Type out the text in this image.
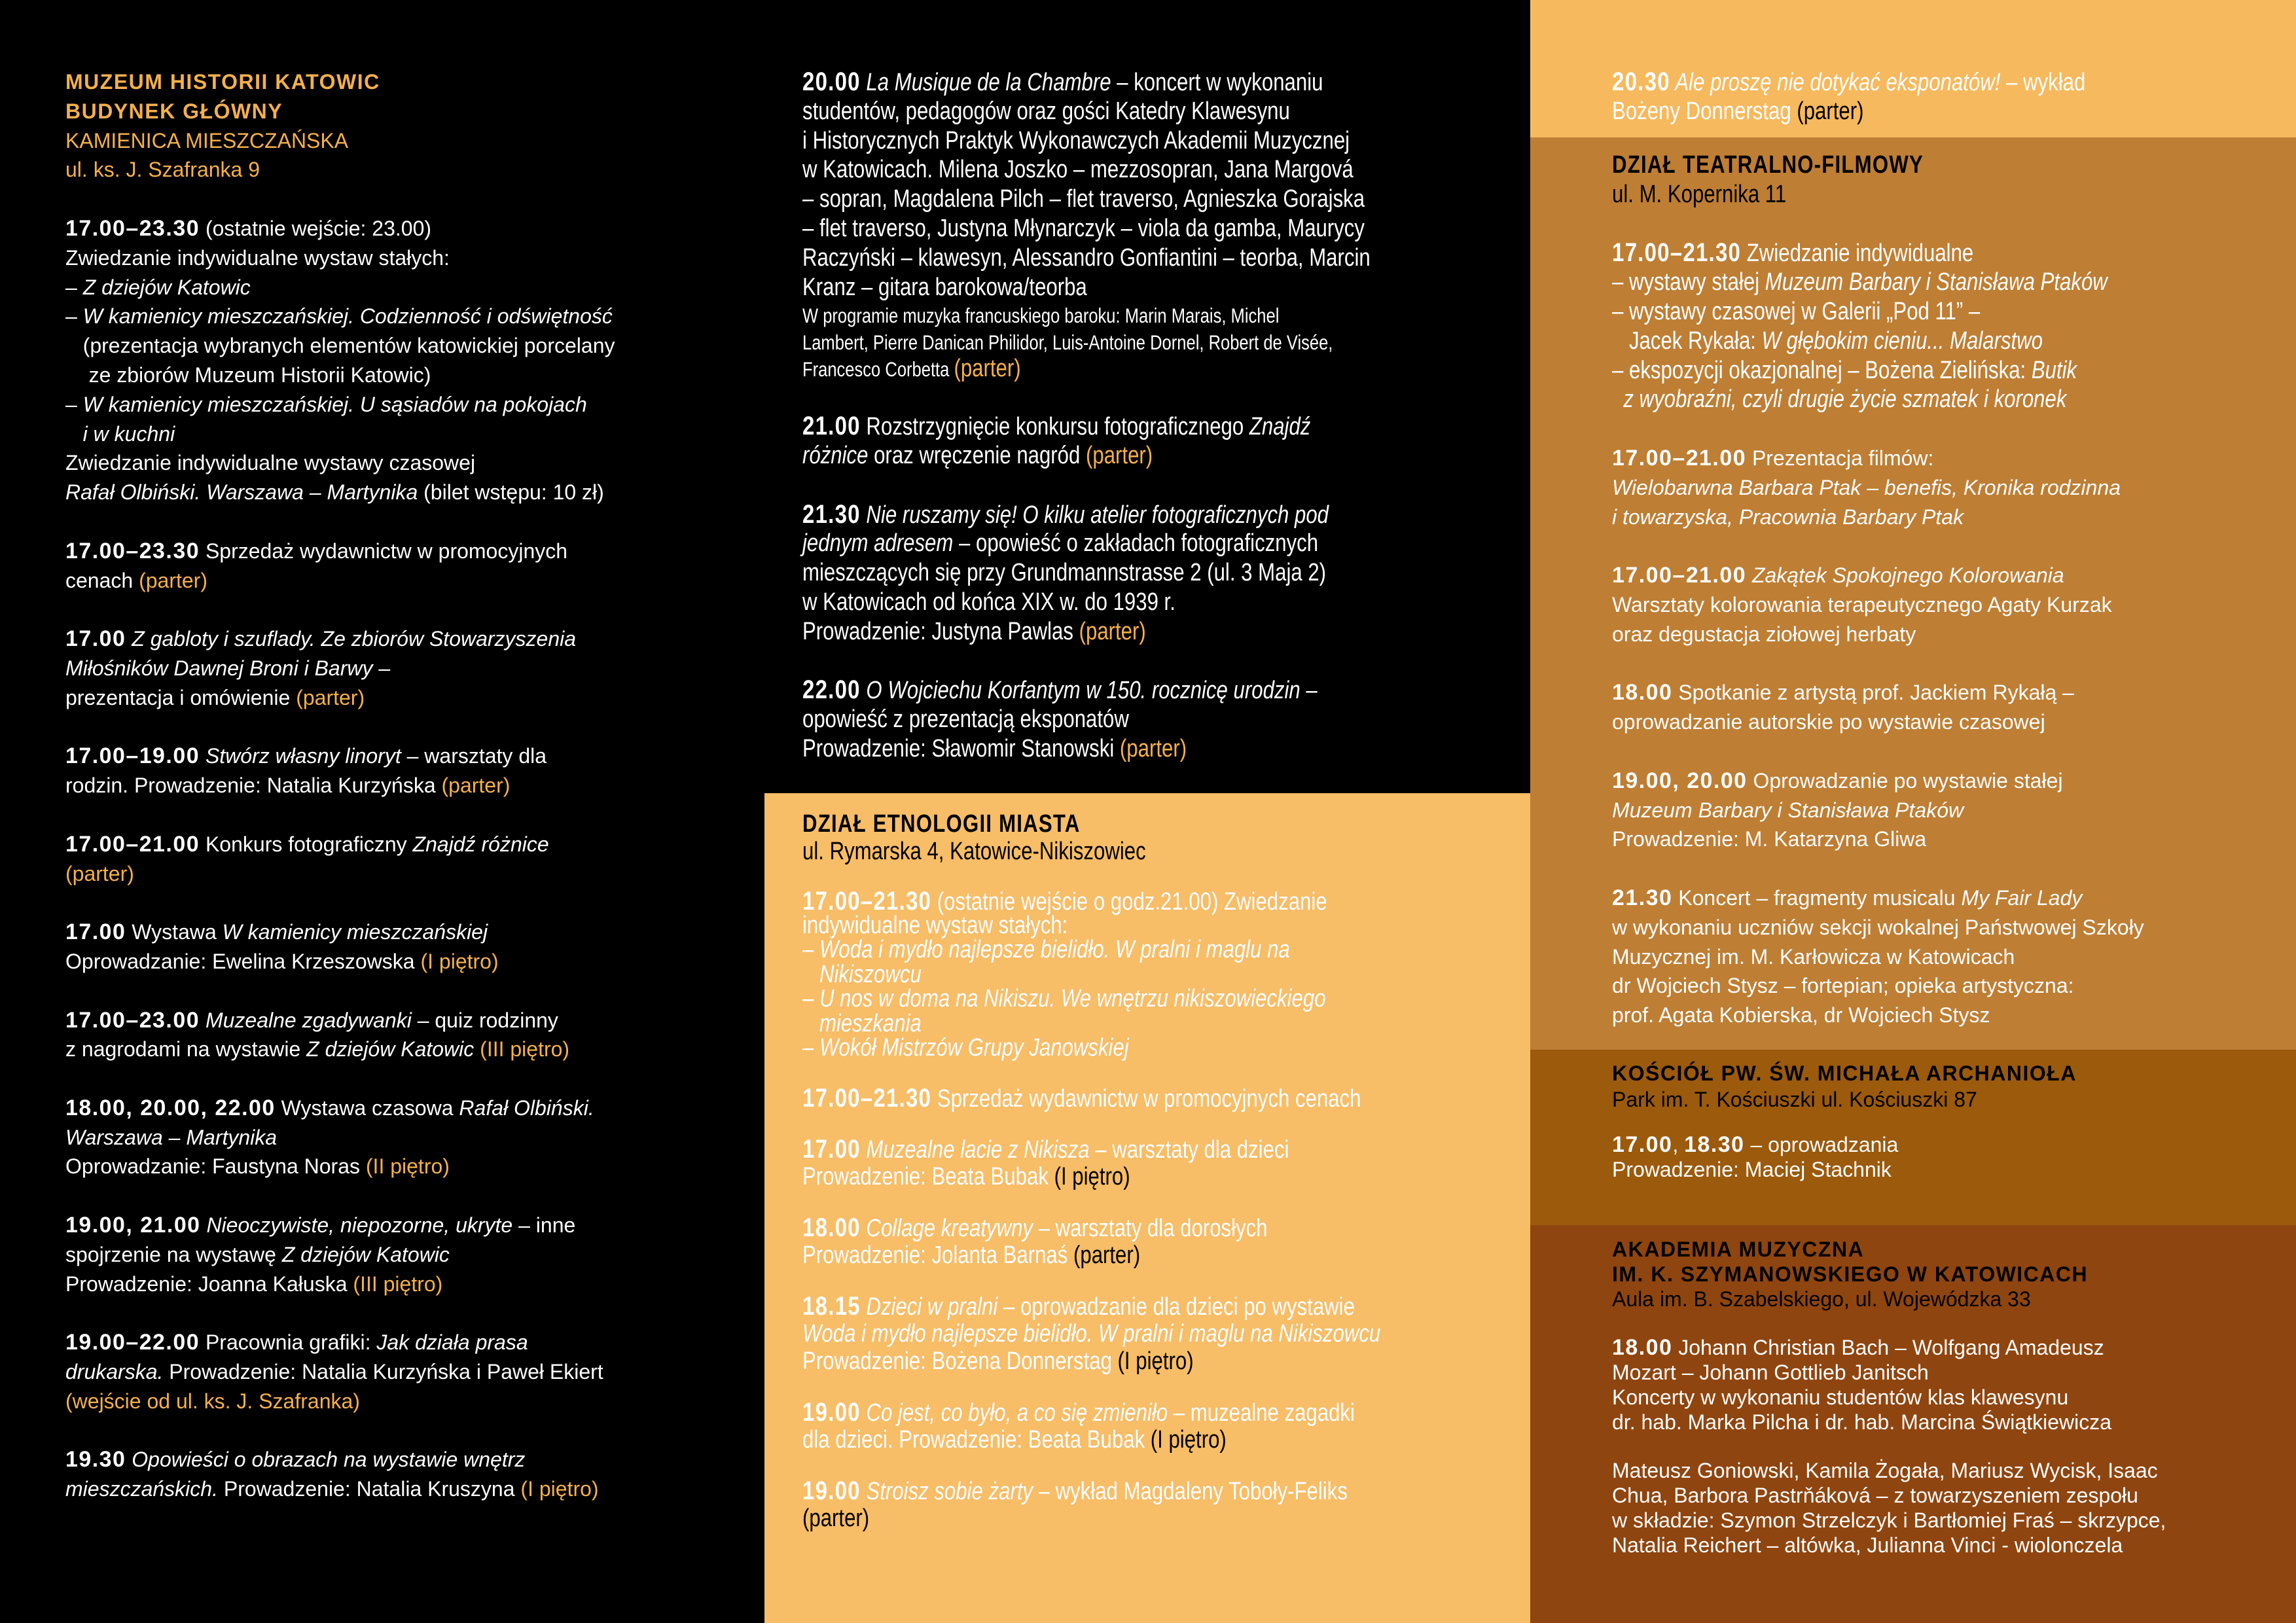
MUZEUM HISTORII KATOWIC
BUDYNEK GŁÓWNY
KAMIENICA MIESZCZAŃSKA
ul. ks. J. Szafranka 9
17.00–23.30 (ostatnie wejście: 23.00)
Zwiedzanie indywidualne wystaw stałych:
– Z dziejów Katowic
– W kamienicy mieszczańskiej. Codzienność i odświętność
(prezentacja wybranych elementów katowickiej porcelany
ze zbiorów Muzeum Historii Katowic)
– W kamienicy mieszczańskiej. U sąsiadów na pokojach
i w kuchni
Zwiedzanie indywidualne wystawy czasowej
Rafał Olbiński. Warszawa – Martynika (bilet wstępu: 10 zł)
17.00–23.30 Sprzedaż wydawnictw w promocyjnych
cenach (parter)
17.00 Z gabloty i szuflady. Ze zbiorów Stowarzyszenia
Miłośników Dawnej Broni i Barwy –
prezentacja i omówienie (parter)
17.00–19.00 Stwórz własny linoryt – warsztaty dla
rodzin. Prowadzenie: Natalia Kurzyńska (parter)
17.00–21.00 Konkurs fotograficzny Znajdź różnice
(parter)
17.00 Wystawa W kamienicy mieszczańskiej
Oprowadzanie: Ewelina Krzeszowska (I piętro)
17.00–23.00 Muzealne zgadywanki – quiz rodzinny
z nagrodami na wystawie Z dziejów Katowic (III piętro)
18.00, 20.00, 22.00 Wystawa czasowa Rafał Olbiński.
Warszawa – Martynika
Oprowadzanie: Faustyna Noras (II piętro)
19.00, 21.00 Nieoczywiste, niepozorne, ukryte – inne
spojrzenie na wystawę Z dziejów Katowic
Prowadzenie: Joanna Kałuska (III piętro)
19.00–22.00 Pracownia grafiki: Jak działa prasa
drukarska. Prowadzenie: Natalia Kurzyńska i Paweł Ekiert
(wejście od ul. ks. J. Szafranka)
19.30 Opowieści o obrazach na wystawie wnętrz
mieszczańskich. Prowadzenie: Natalia Kruszyna (I piętro)
20.00 La Musique de la Chambre – koncert w wykonaniu
studentów, pedagogów oraz gości Katedry Klawesynu
i Historycznych Praktyk Wykonawczych Akademii Muzycznej
w Katowicach. Milena Joszko – mezzosopran, Jana Margová
– sopran, Magdalena Pilch – flet traverso, Agnieszka Gorajska
– flet traverso, Justyna Młynarczyk – viola da gamba, Maurycy
Raczyński – klawesyn, Alessandro Gonfiantini – teorba, Marcin
Kranz – gitara barokowa/teorba
W programie muzyka francuskiego baroku: Marin Marais, Michel
Lambert, Pierre Danican Philidor, Luis-Antoine Dornel, Robert de Visée,
Francesco Corbetta (parter)
21.00 Rozstrzygnięcie konkursu fotograficznego Znajdź
różnice oraz wręczenie nagród (parter)
21.30 Nie ruszamy się! O kilku atelier fotograficznych pod
jednym adresem – opowieść o zakładach fotograficznych
mieszczących się przy Grundmannstrasse 2 (ul. 3 Maja 2)
w Katowicach od końca XIX w. do 1939 r.
Prowadzenie: Justyna Pawlas (parter)
22.00 O Wojciechu Korfantym w 150. rocznicę urodzin –
opowieść z prezentacją eksponatów
Prowadzenie: Sławomir Stanowski (parter)
DZIAŁ ETNOLOGII MIASTA
ul. Rymarska 4, Katowice-Nikiszowiec
17.00–21.30 (ostatnie wejście o godz.21.00) Zwiedzanie
indywidualne wystaw stałych:
– Woda i mydło najlepsze bielidło. W pralni i maglu na
Nikiszowcu
– U nos w doma na Nikiszu. We wnętrzu nikiszowieckiego
mieszkania
– Wokół Mistrzów Grupy Janowskiej
17.00–21.30 Sprzedaż wydawnictw w promocyjnych cenach
17.00 Muzealne lacie z Nikisza – warsztaty dla dzieci
Prowadzenie: Beata Bubak (I piętro)
18.00 Collage kreatywny – warsztaty dla dorosłych
Prowadzenie: Jolanta Barnaś (parter)
18.15 Dzieci w pralni – oprowadzanie dla dzieci po wystawie
Woda i mydło najlepsze bielidło. W pralni i maglu na Nikiszowcu
Prowadzenie: Bożena Donnerstag (I piętro)
19.00 Co jest, co było, a co się zmieniło – muzealne zagadki
dla dzieci. Prowadzenie: Beata Bubak (I piętro)
19.00 Stroisz sobie żarty – wykład Magdaleny Toboły-Feliks
(parter)
20.30 Ale proszę nie dotykać eksponatów! – wykład
Bożeny Donnerstag (parter)
DZIAŁ TEATRALNO-FILMOWY
ul. M. Kopernika 11
17.00–21.30 Zwiedzanie indywidualne
– wystawy stałej Muzeum Barbary i Stanisława Ptaków
– wystawy czasowej w Galerii „Pod 11” –
Jacek Rykała: W głębokim cieniu... Malarstwo
– ekspozycji okazjonalnej – Bożena Zielińska: Butik
z wyobraźni, czyli drugie życie szmatek i koronek
17.00–21.00 Prezentacja filmów:
Wielobarwna Barbara Ptak – benefis, Kronika rodzinna
i towarzyska, Pracownia Barbary Ptak
17.00–21.00 Zakątek Spokojnego Kolorowania
Warsztaty kolorowania terapeutycznego Agaty Kurzak
oraz degustacja ziołowej herbaty
18.00 Spotkanie z artystą prof. Jackiem Rykałą –
oprowadzanie autorskie po wystawie czasowej
19.00, 20.00 Oprowadzanie po wystawie stałej
Muzeum Barbary i Stanisława Ptaków
Prowadzenie: M. Katarzyna Gliwa
21.30 Koncert – fragmenty musicalu My Fair Lady
w wykonaniu uczniów sekcji wokalnej Państwowej Szkoły
Muzycznej im. M. Karłowicza w Katowicach
dr Wojciech Stysz – fortepian; opieka artystyczna:
prof. Agata Kobierska, dr Wojciech Stysz
KOŚCIÓŁ PW. ŚW. MICHAŁA ARCHANIOŁA
Park im. T. Kościuszki ul. Kościuszki 87
17.00, 18.30 – oprowadzania
Prowadzenie: Maciej Stachnik
AKADEMIA MUZYCZNA
IM. K. SZYMANOWSKIEGO W KATOWICACH
Aula im. B. Szabelskiego, ul. Wojewódzka 33
18.00 Johann Christian Bach – Wolfgang Amadeusz
Mozart – Johann Gottlieb Janitsch
Koncerty w wykonaniu studentów klas klawesynu
dr. hab. Marka Pilcha i dr. hab. Marcina Świątkiewicza
Mateusz Goniowski, Kamila Żogała, Mariusz Wycisk, Isaac
Chua, Barbora Pastrňáková – z towarzyszeniem zespołu
w składzie: Szymon Strzelczyk i Bartłomiej Fraś – skrzypce,
Natalia Reichert – altówka, Julianna Vinci - wiolonczela
